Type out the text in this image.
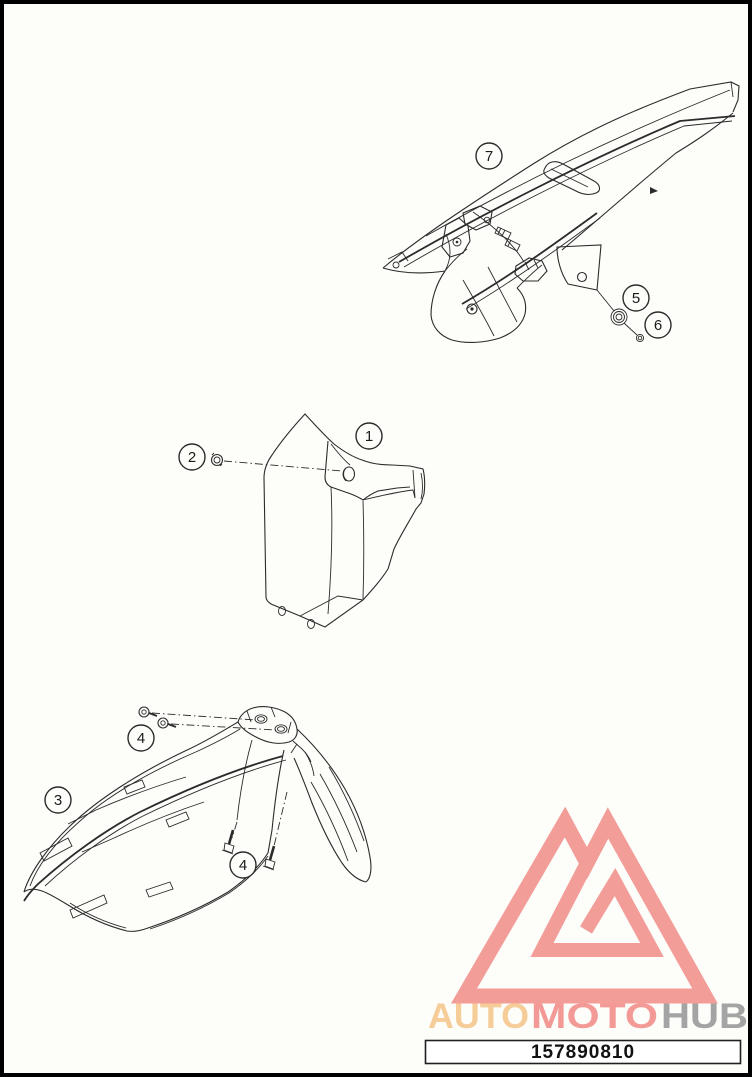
7
5
6
1
2
4
3
4
AUTO MOTO HUB
157890810
